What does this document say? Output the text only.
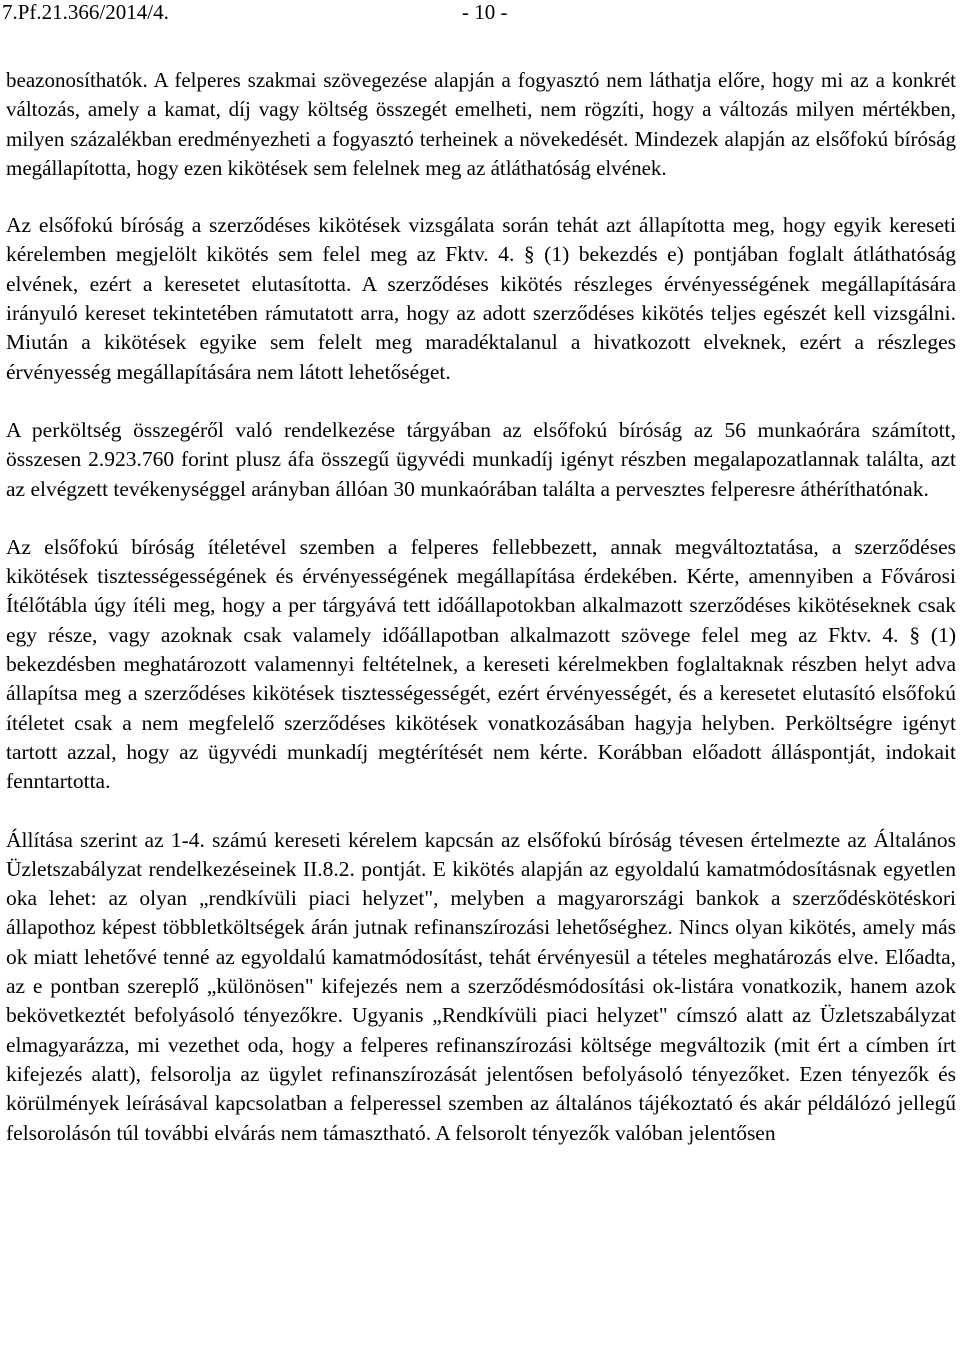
7.Pf.21.366/2014/4.	- 10 -

beazonosíthatók. A felperes szakmai szövegezése alapján a fogyasztó nem láthatja előre, hogy mi az a konkrét változás, amely a kamat, díj vagy költség összegét emelheti, nem rögzíti, hogy a változás milyen mértékben, milyen százalékban eredményezheti a fogyasztó terheinek a növekedését. Mindezek alapján az elsőfokú bíróság megállapította, hogy ezen kikötések sem felelnek meg az átláthatóság elvének.

Az elsőfokú bíróság a szerződéses kikötések vizsgálata során tehát azt állapította meg, hogy egyik kereseti kérelemben megjelölt kikötés sem felel meg az Fktv. 4. § (1) bekezdés e) pontjában foglalt átláthatóság elvének, ezért a keresetet elutasította. A szerződéses kikötés részleges érvényességének megállapítására irányuló kereset tekintetében rámutatott arra, hogy az adott szerződéses kikötés teljes egészét kell vizsgálni. Miután a kikötések egyike sem felelt meg maradéktalanul a hivatkozott elveknek, ezért a részleges érvényesség megállapítására nem látott lehetőséget.

A perköltség összegéről való rendelkezése tárgyában az elsőfokú bíróság az 56 munkaórára számított, összesen 2.923.760 forint plusz áfa összegű ügyvédi munkadíj igényt részben megalapozatlannak találta, azt az elvégzett tevékenységgel arányban állóan 30 munkaórában találta a pervesztes felperesre áthéríthatónak.

Az elsőfokú bíróság ítéletével szemben a felperes fellebbezett, annak megváltoztatása, a szerződéses kikötések tisztességességének és érvényességének megállapítása érdekében. Kérte, amennyiben a Fővárosi Ítélőtábla úgy ítéli meg, hogy a per tárgyává tett időállapotokban alkalmazott szerződéses kikötéseknek csak egy része, vagy azoknak csak valamely időállapotban alkalmazott szövege felel meg az Fktv. 4. § (1) bekezdésben meghatározott valamennyi feltételnek, a kereseti kérelmekben foglaltaknak részben helyt adva állapítsa meg a szerződéses kikötések tisztességességét, ezért érvényességét, és a keresetet elutasító elsőfokú ítéletet csak a nem megfelelő szerződéses kikötések vonatkozásában hagyja helyben. Perköltségre igényt tartott azzal, hogy az ügyvédi munkadíj megtérítését nem kérte. Korábban előadott álláspontját, indokait fenntartotta.

Állítása szerint az 1-4. számú kereseti kérelem kapcsán az elsőfokú bíróság tévesen értelmezte az Általános Üzletszabályzat rendelkezéseinek II.8.2. pontját. E kikötés alapján az egyoldalú kamatmódosításnak egyetlen oka lehet: az olyan „rendkívüli piaci helyzet", melyben a magyarországi bankok a szerződéskötéskori állapothoz képest többletköltségek árán jutnak refinanszírozási lehetőséghez. Nincs olyan kikötés, amely más ok miatt lehetővé tenné az egyoldalú kamatmódosítást, tehát érvényesül a tételes meghatározás elve. Előadta, az e pontban szereplő „különösen" kifejezés nem a szerződésmódosítási ok-listára vonatkozik, hanem azok bekövetkeztét befolyásoló tényezőkre. Ugyanis „Rendkívüli piaci helyzet" címszó alatt az Üzletszabályzat elmagyarázza, mi vezethet oda, hogy a felperes refinanszírozási költsége megváltozik (mit ért a címben írt kifejezés alatt), felsorolja az ügylet refinanszírozását jelentősen befolyásoló tényezőket. Ezen tényezők és körülmények leírásával kapcsolatban a felperessel szemben az általános tájékoztató és akár példálózó jellegű felsorolásón túl további elvárás nem támasztható. A felsorolt tényezők valóban jelentősen
